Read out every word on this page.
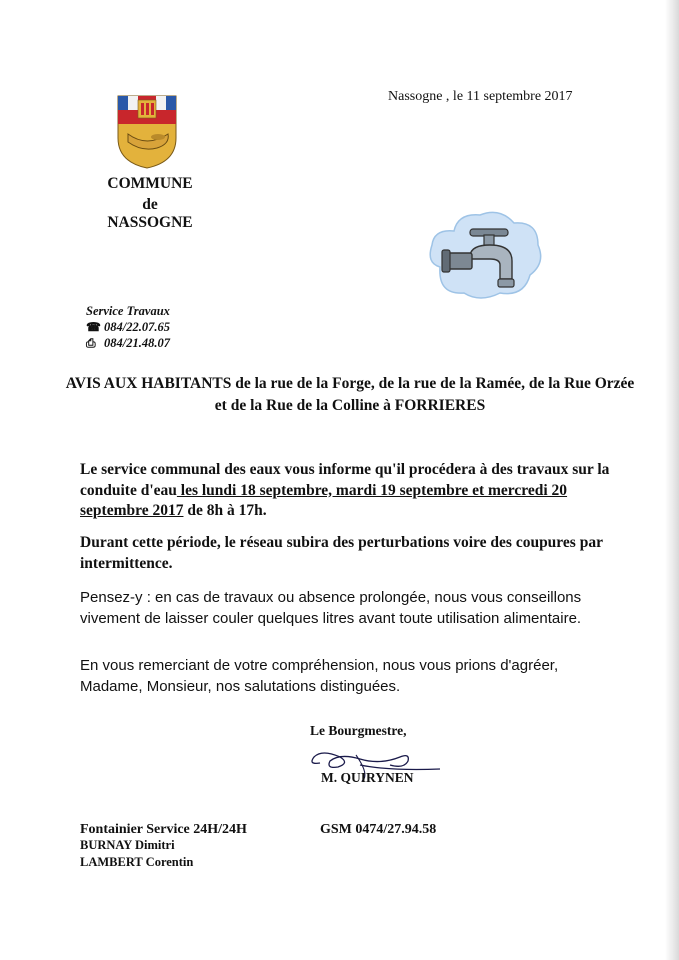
Nassogne , le 11 septembre 2017
COMMUNE
de
NASSOGNE
Service Travaux
☎ 084/22.07.65
⎙ 084/21.48.07
AVIS AUX HABITANTS de la rue de la Forge, de la rue de la Ramée, de la Rue Orzée et de la Rue de la Colline à FORRIERES
Le service communal des eaux vous informe qu'il procédera à des travaux sur la conduite d'eau les lundi 18 septembre, mardi 19 septembre et mercredi 20 septembre 2017 de 8h à 17h.
Durant cette période, le réseau subira des perturbations voire des coupures par intermittence.
Pensez-y : en cas de travaux ou absence prolongée, nous vous conseillons vivement de laisser couler quelques litres avant toute utilisation alimentaire.
En vous remerciant de votre compréhension, nous vous prions d'agréer, Madame, Monsieur, nos salutations distinguées.
Le Bourgmestre,
M. QUIRYNEN
Fontainier Service 24H/24H	GSM 0474/27.94.58
BURNAY Dimitri
LAMBERT Corentin
